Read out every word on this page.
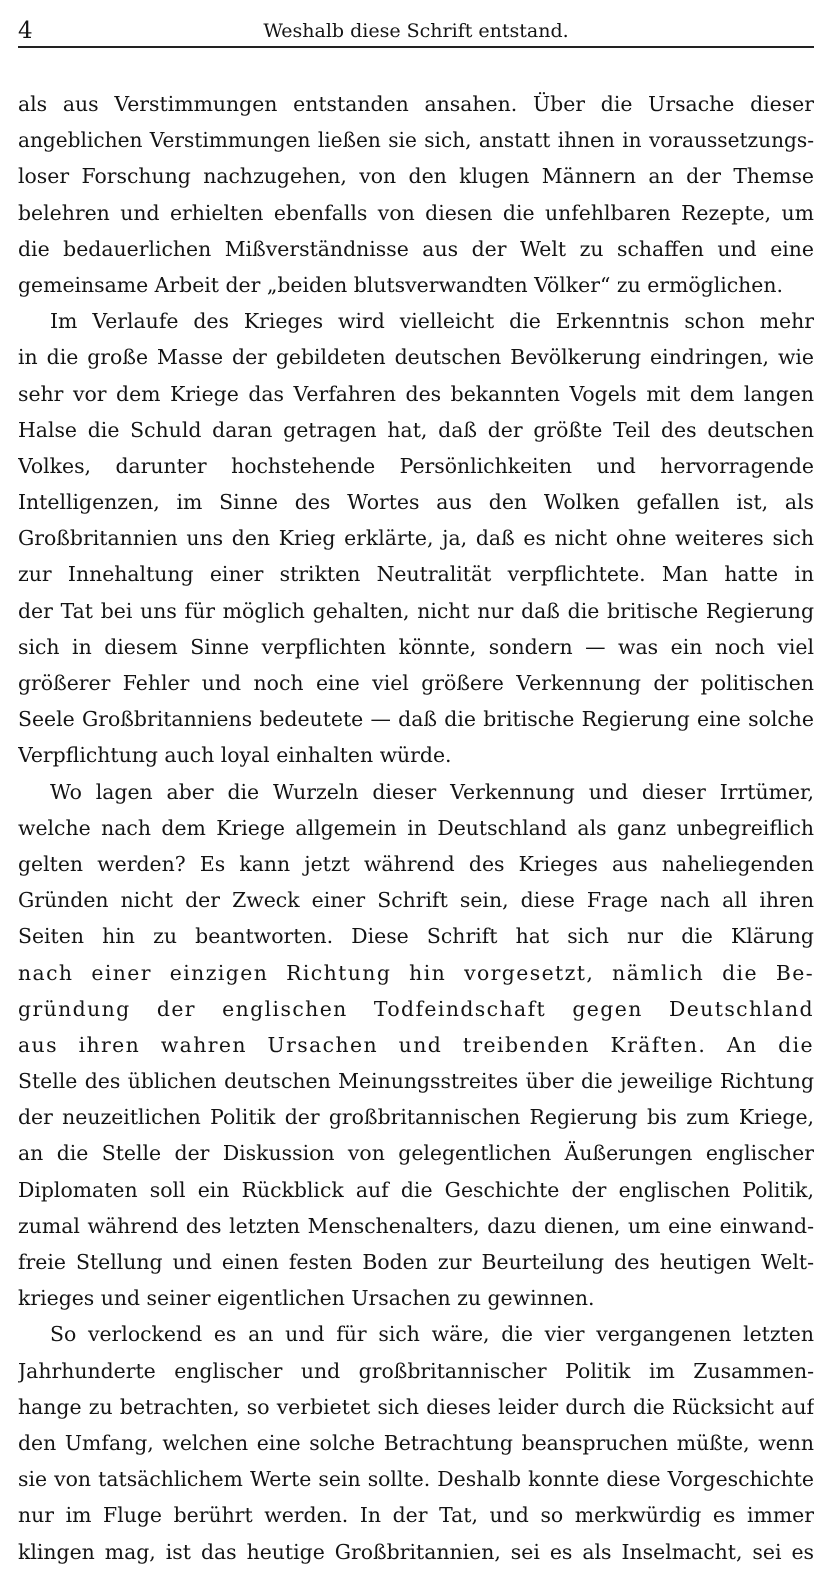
4	Weshalb diese Schrift entstand.
als aus Verstimmungen entstanden ansahen. Über die Ursache dieser
angeblichen Verstimmungen ließen sie sich, anstatt ihnen in voraussetzungs-
loser Forschung nachzugehen, von den klugen Männern an der Themse
belehren und erhielten ebenfalls von diesen die unfehlbaren Rezepte, um
die bedauerlichen Mißverständnisse aus der Welt zu schaffen und eine
gemeinsame Arbeit der „beiden blutsverwandten Völker“ zu ermöglichen.
Im Verlaufe des Krieges wird vielleicht die Erkenntnis schon mehr
in die große Masse der gebildeten deutschen Bevölkerung eindringen, wie
sehr vor dem Kriege das Verfahren des bekannten Vogels mit dem langen
Halse die Schuld daran getragen hat, daß der größte Teil des deutschen
Volkes, darunter hochstehende Persönlichkeiten und hervorragende
Intelligenzen, im Sinne des Wortes aus den Wolken gefallen ist, als
Großbritannien uns den Krieg erklärte, ja, daß es nicht ohne weiteres sich
zur Innehaltung einer strikten Neutralität verpflichtete. Man hatte in
der Tat bei uns für möglich gehalten, nicht nur daß die britische Regierung
sich in diesem Sinne verpflichten könnte, sondern — was ein noch viel
größerer Fehler und noch eine viel größere Verkennung der politischen
Seele Großbritanniens bedeutete — daß die britische Regierung eine solche
Verpflichtung auch loyal einhalten würde.
Wo lagen aber die Wurzeln dieser Verkennung und dieser Irrtümer,
welche nach dem Kriege allgemein in Deutschland als ganz unbegreiflich
gelten werden? Es kann jetzt während des Krieges aus naheliegenden
Gründen nicht der Zweck einer Schrift sein, diese Frage nach all ihren
Seiten hin zu beantworten. Diese Schrift hat sich nur die Klärung
nach einer einzigen Richtung hin vorgesetzt, nämlich die Be-
gründung der englischen Todfeindschaft gegen Deutschland
aus ihren wahren Ursachen und treibenden Kräften. An die
Stelle des üblichen deutschen Meinungsstreites über die jeweilige Richtung
der neuzeitlichen Politik der großbritannischen Regierung bis zum Kriege,
an die Stelle der Diskussion von gelegentlichen Äußerungen englischer
Diplomaten soll ein Rückblick auf die Geschichte der englischen Politik,
zumal während des letzten Menschenalters, dazu dienen, um eine einwand-
freie Stellung und einen festen Boden zur Beurteilung des heutigen Welt-
krieges und seiner eigentlichen Ursachen zu gewinnen.
So verlockend es an und für sich wäre, die vier vergangenen letzten
Jahrhunderte englischer und großbritannischer Politik im Zusammen-
hange zu betrachten, so verbietet sich dieses leider durch die Rücksicht auf
den Umfang, welchen eine solche Betrachtung beanspruchen müßte, wenn
sie von tatsächlichem Werte sein sollte. Deshalb konnte diese Vorgeschichte
nur im Fluge berührt werden. In der Tat, und so merkwürdig es immer
klingen mag, ist das heutige Großbritannien, sei es als Inselmacht, sei es
